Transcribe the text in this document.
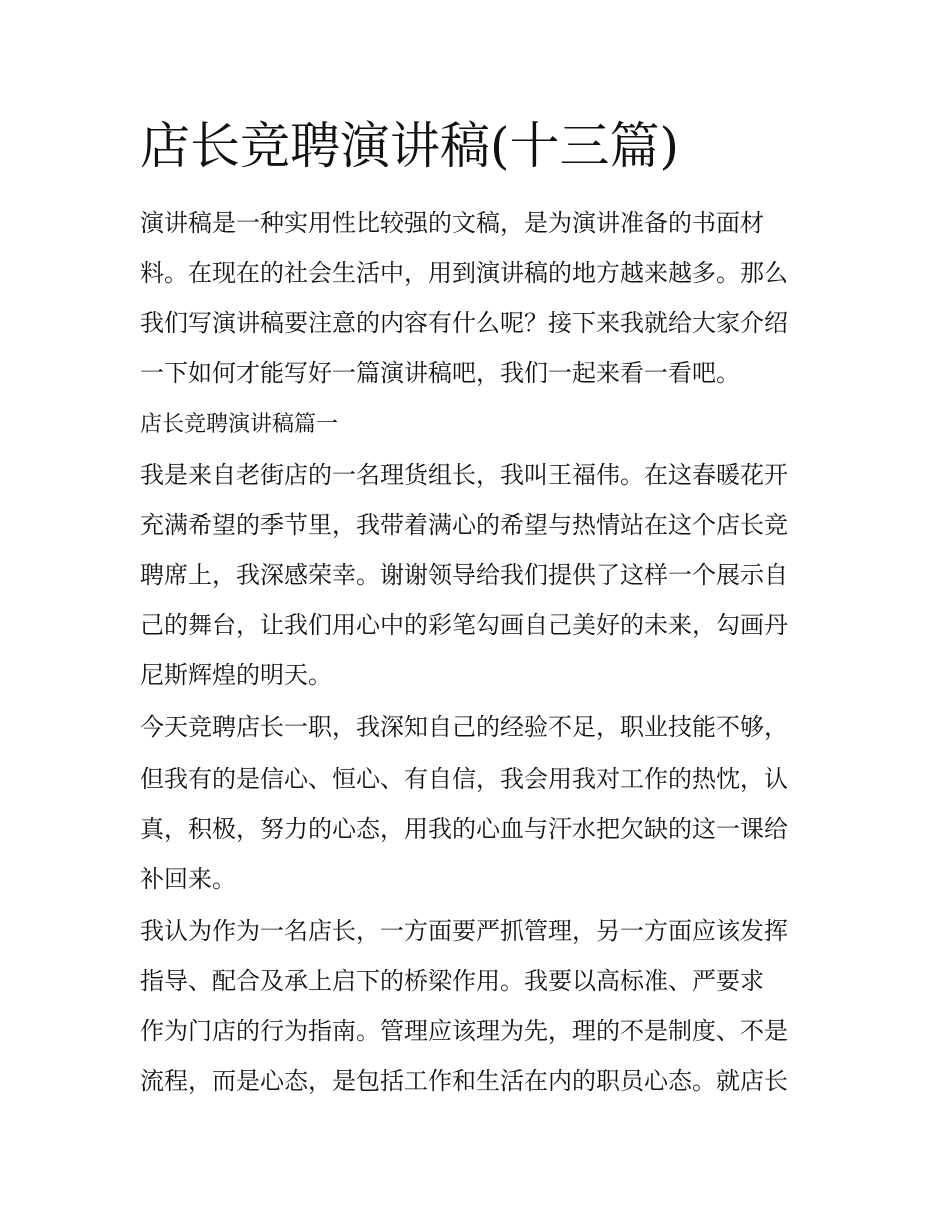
店长竞聘演讲稿(十三篇)

演讲稿是一种实用性比较强的文稿，是为演讲准备的书面材

料。在现在的社会生活中，用到演讲稿的地方越来越多。那么

我们写演讲稿要注意的内容有什么呢？接下来我就给大家介绍

一下如何才能写好一篇演讲稿吧，我们一起来看一看吧。

店长竞聘演讲稿篇一

我是来自老街店的一名理货组长，我叫王福伟。在这春暖花开

充满希望的季节里，我带着满心的希望与热情站在这个店长竞

聘席上，我深感荣幸。谢谢领导给我们提供了这样一个展示自

己的舞台，让我们用心中的彩笔勾画自己美好的未来，勾画丹

尼斯辉煌的明天。

今天竞聘店长一职，我深知自己的经验不足，职业技能不够，

但我有的是信心、恒心、有自信，我会用我对工作的热忱，认

真，积极，努力的心态，用我的心血与汗水把欠缺的这一课给

补回来。

我认为作为一名店长，一方面要严抓管理，另一方面应该发挥

指导、配合及承上启下的桥梁作用。我要以高标准、严要求

作为门店的行为指南。管理应该理为先，理的不是制度、不是

流程，而是心态，是包括工作和生活在内的职员心态。就店长
